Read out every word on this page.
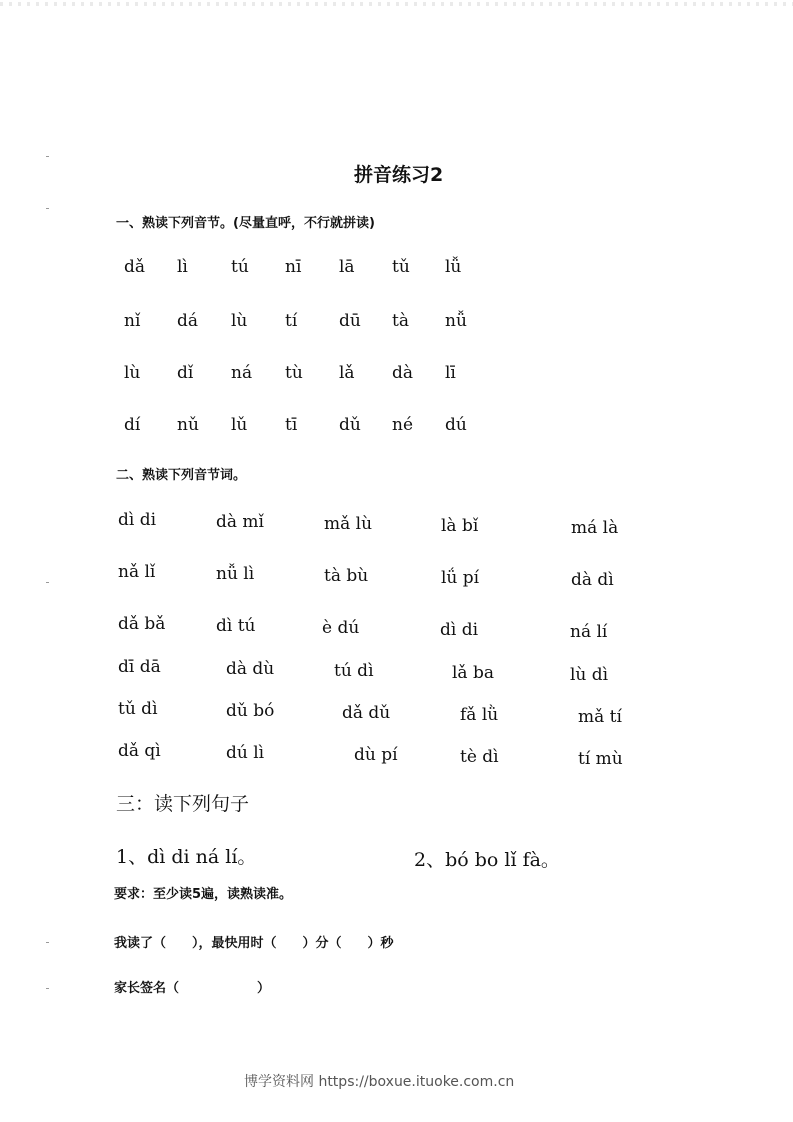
拼音练习2
一、熟读下列音节。(尽量直呼，不行就拼读)
dǎ lì	tú nī lā tǔ lǚ
nǐ dá lù tí dū tà nǚ
lù dǐ ná tù lǎ dà lī
dí nǔ lǔ tī dǔ né dú
二、熟读下列音节词。
dì di	dà mǐ	mǎ lù	là bǐ	má là
nǎ lǐ	nǚ lì	tà bù	lǘ pí	dà dì
dǎ bǎ	dì tú	è dú	dì di	ná lí
dī dā	dà dù	tú dì	lǎ ba	lù dì
tǔ dì	dǔ bó	dǎ dǔ	fǎ lǜ	mǎ tí
dǎ qì	dú lì	dù pí	tè dì	tí mù
三：读下列句子
1、dì di ná lí。	2、bó bo lǐ fà。
要求：至少读5遍，读熟读准。
我读了（　　），最快用时（　　）分（　　）秒
家长签名（　　　　　　）
博学资料网 https://boxue.ituoke.com.cn
